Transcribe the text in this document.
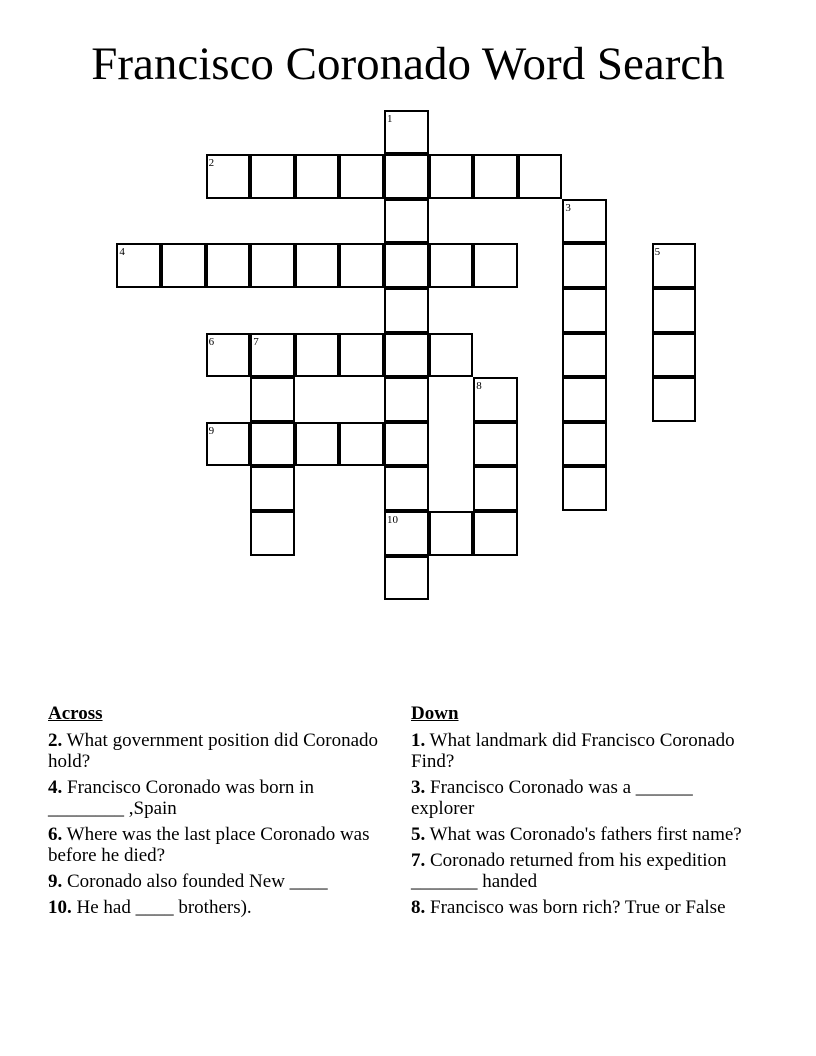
Francisco Coronado Word Search
1
10
2
3
4	5
6	7
8
9
Across
2. What government position did Coronado hold?
4. Francisco Coronado was born in ________ ,Spain
6. Where was the last place Coronado was before he died?
9. Coronado also founded New ____
10. He had ____ brothers).
Down
1. What landmark did Francisco Coronado Find?
3. Francisco Coronado was a ______ explorer
5. What was Coronado's fathers first name?
7. Coronado returned from his expedition _______ handed
8. Francisco was born rich? True or False
